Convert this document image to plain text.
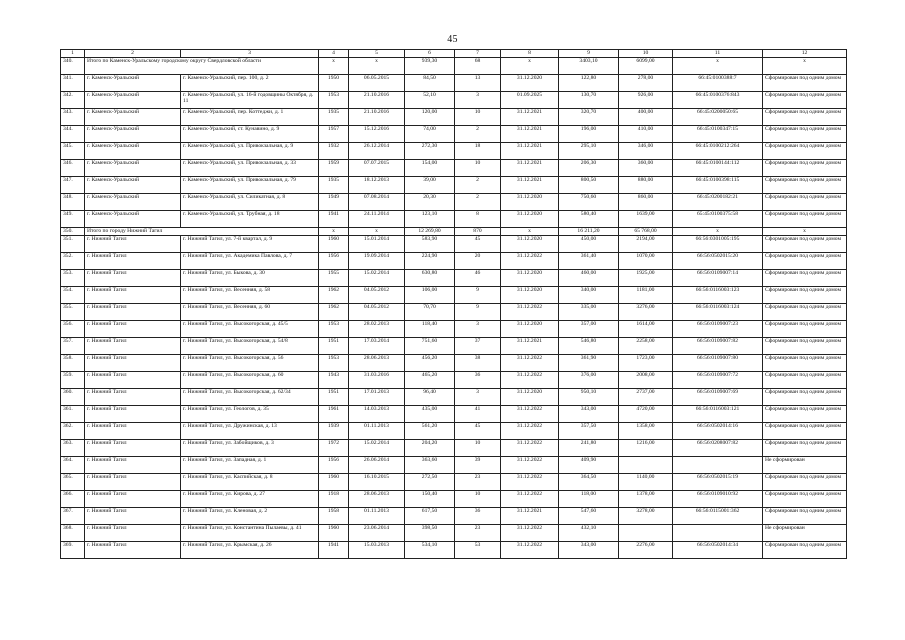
45
1	2	3	4	5	6	7	8	9	10	11	12
340.	Итого по Каменск-Уральскому городскому округу Свердловской области		x	x	939,30	68	x	3403,10	6099,00	x	x
341.	г. Каменск-Уральский	г. Каменск-Уральский, пер. 100, д. 2	1950	06.05.2015	84,50	13	31.12.2020	122,80	278,00	66:45:0100388:7	Сформирован под одним домом
342.	г. Каменск-Уральский	г. Каменск-Уральский, ул. 16-й годовщины Октября, д. 11	1953	21.10.2016	52,10	3	01.09.2025	130,70	926,00	66:45:0100376:843	Сформирован под одним домом
343.	г. Каменск-Уральский	г. Каменск-Уральский, пер. Коттеджи, д. 1	1935	21.10.2016	120,00	10	31.12.2021	320,70	400,00	66:45:0200050:65	Сформирован под одним домом
344.	г. Каменск-Уральский	г. Каменск-Уральский, ст. Кунавино, д. 9	1957	15.12.2016	74,00	2	31.12.2021	196,00	410,00	66:45:0100347:15	Сформирован под одним домом
345.	г. Каменск-Уральский	г. Каменск-Уральский, ул. Привокзальная, д. 9	1932	26.12.2014	272,30	18	31.12.2021	295,10	346,00	66:45:0100212:264	Сформирован под одним домом
346.	г. Каменск-Уральский	г. Каменск-Уральский, ул. Привокзальная, д. 33	1959	07.07.2015	154,00	10	31.12.2021	206,30	360,00	66:45:0100144:112	Сформирован под одним домом
347.	г. Каменск-Уральский	г. Каменск-Уральский, ул. Привокзальная, д. 79	1935	18.12.2013	39,00	2	31.12.2021	800,50	880,00	66:45:0100398:115	Сформирован под одним домом
348.	г. Каменск-Уральский	г. Каменск-Уральский, ул. Силикатная, д. 8	1949	07.08.2014	20,30	2	31.12.2020	750,60	860,00	66:45:0200182:21	Сформирован под одним домом
349.	г. Каменск-Уральский	г. Каменск-Уральский, ул. Трубная, д. 18	1941	24.11.2014	123,10	8	31.12.2020	580,40	1639,00	65:45:0100375:58	Сформирован под одним домом
350.	Итого по городу Нижний Тагил		x	x	12 269,80	870	x	16 211,20	65 768,00	x	x
351.	г. Нижний Тагил	г. Нижний Тагил, ул. 7-й квартал, д. 9	1960	15.01.2014	583,90	45	31.12.2020	450,00	2194,00	66:56:0301005:195	Сформирован под одним домом
352.	г. Нижний Тагил	г. Нижний Тагил, ул. Академика Павлова, д. 7	1956	19.09.2014	224,90	20	31.12.2022	361,40	1070,00	66:56:0502015:20	Сформирован под одним домом
353.	г. Нижний Тагил	г. Нижний Тагил, ул. Быкова, д. 30	1955	15.02.2014	630,80	46	31.12.2020	460,00	1925,00	66:56:0109007:14	Сформирован под одним домом
354.	г. Нижний Тагил	г. Нижний Тагил, ул. Весенняя, д. 58	1962	04.05.2012	106,00	9	31.12.2020	340,00	1181,00	66:56:0116003:123	Сформирован под одним домом
355.	г. Нижний Тагил	г. Нижний Тагил, ул. Весенняя, д. 60	1962	04.05.2012	70,70	9	31.12.2022	335,00	3276,00	66:56:0116003:124	Сформирован под одним домом
356.	г. Нижний Тагил	г. Нижний Тагил, ул. Высокогорская, д. 45/5	1953	28.02.2013	118,40	3	31.12.2020	357,00	1614,00	66:56:0109007:23	Сформирован под одним домом
357.	г. Нижний Тагил	г. Нижний Тагил, ул. Высокогорская, д. 54/8	1951	17.03.2014	751,60	37	31.12.2021	546,80	2258,00	66:56:0109007:82	Сформирован под одним домом
358.	г. Нижний Тагил	г. Нижний Тагил, ул. Высокогорская, д. 56	1953	28.06.2013	456,20	38	31.12.2022	361,90	1723,00	66:56:0109007:80	Сформирован под одним домом
359.	г. Нижний Тагил	г. Нижний Тагил, ул. Высокогорская, д. 60	1943	31.03.2016	465,20	36	31.12.2022	376,00	2008,00	66:56:0109007:72	Сформирован под одним домом
360.	г. Нижний Тагил	г. Нижний Тагил, ул. Высокогорская, д. 62/34	1951	17.01.2013	96,40	3	31.12.2020	950,10	2737,00	66:56:0109007:69	Сформирован под одним домом
361.	г. Нижний Тагил	г. Нижний Тагил, ул. Геологов, д. 35	1961	14.03.2013	435,00	41	31.12.2022	343,00	4720,00	66:56:0116003:121	Сформирован под одним домом
362.	г. Нижний Тагил	г. Нижний Тагил, ул. Дружинская, д. 13	1939	01.11.2013	561,20	45	31.12.2022	357,50	1358,00	66:56:0502014:16	Сформирован под одним домом
363.	г. Нижний Тагил	г. Нижний Тагил, ул. Забойщиков, д. 3	1972	15.02.2014	204,20	10	31.12.2022	241,80	1216,00	66:56:0208007:82	Сформирован под одним домом
364.	г. Нижний Тагил	г. Нижний Тагил, ул. Западная, д. 1	1956	26.06.2014	363,60	39	31.12.2022	409,90			Не сформирован
365.	г. Нижний Тагил	г. Нижний Тагил, ул. Каспийская, д. 8	1960	16.10.2015	272,50	23	31.12.2022	364,50	1140,00	66:56:0502015:19	Сформирован под одним домом
366.	г. Нижний Тагил	г. Нижний Тагил, ул. Кирова, д. 27	1918	28.06.2013	150,40	10	31.12.2022	118,00	1378,00	66:56:0109010:92	Сформирован под одним домом
367.	г. Нижний Тагил	г. Нижний Тагил, ул. Кленовая, д. 2	1958	01.11.2013	617,50	36	31.12.2021	547,60	3278,00	66:56:0115001:362	Сформирован под одним домом
368.	г. Нижний Тагил	г. Нижний Тагил, ул. Константина Пылаевы, д. 41	1960	23.06.2014	398,50	23	31.12.2022	432,10			Не сформирован
369.	г. Нижний Тагил	г. Нижний Тагил, ул. Крымская, д. 26	1941	15.03.2013	534,10	53	31.12.2022	343,00	2276,00	66:56:0502014:34	Сформирован под одним домом
